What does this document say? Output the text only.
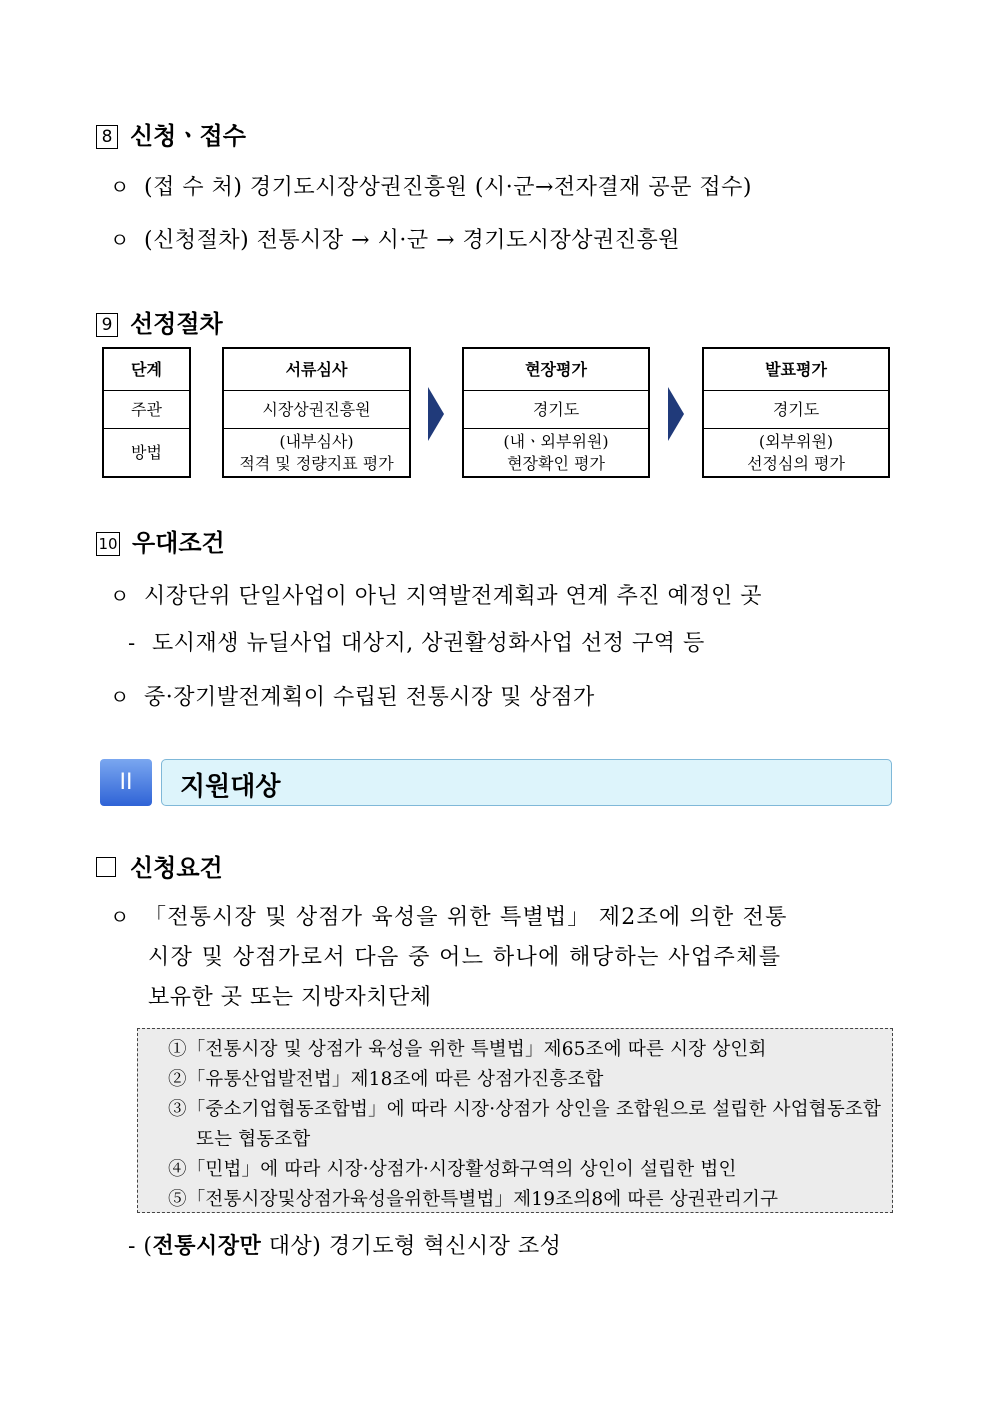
8 신청ㆍ접수
ㅇ (접 수 처) 경기도시장상권진흥원 (시·군→전자결재 공문 접수)
ㅇ (신청절차) 전통시장 → 시·군 → 경기도시장상권진흥원
9 선정절차
단계
주관
방법
서류심사
시장상권진흥원
(내부심사)
적격 및 정량지표 평가
현장평가
경기도
(내ㆍ외부위원)
현장확인 평가
발표평가
경기도
(외부위원)
선정심의 평가
10 우대조건
ㅇ 시장단위 단일사업이 아닌 지역발전계획과 연계 추진 예정인 곳
- 도시재생 뉴딜사업 대상지, 상권활성화사업 선정 구역 등
ㅇ 중·장기발전계획이 수립된 전통시장 및 상점가
II	지원대상
신청요건
ㅇ 「전통시장 및 상점가 육성을 위한 특별법」 제2조에 의한 전통
시장 및 상점가로서 다음 중 어느 하나에 해당하는 사업주체를
보유한 곳 또는 지방자치단체
①「전통시장 및 상점가 육성을 위한 특별법」제65조에 따른 시장 상인회
②「유통산업발전법」제18조에 따른 상점가진흥조합
③「중소기업협동조합법」에 따라 시장·상점가 상인을 조합원으로 설립한 사업협동조합
또는 협동조합
④「민법」에 따라 시장·상점가·시장활성화구역의 상인이 설립한 법인
⑤「전통시장및상점가육성을위한특별법」제19조의8에 따른 상권관리기구
- (전통시장만 대상) 경기도형 혁신시장 조성
